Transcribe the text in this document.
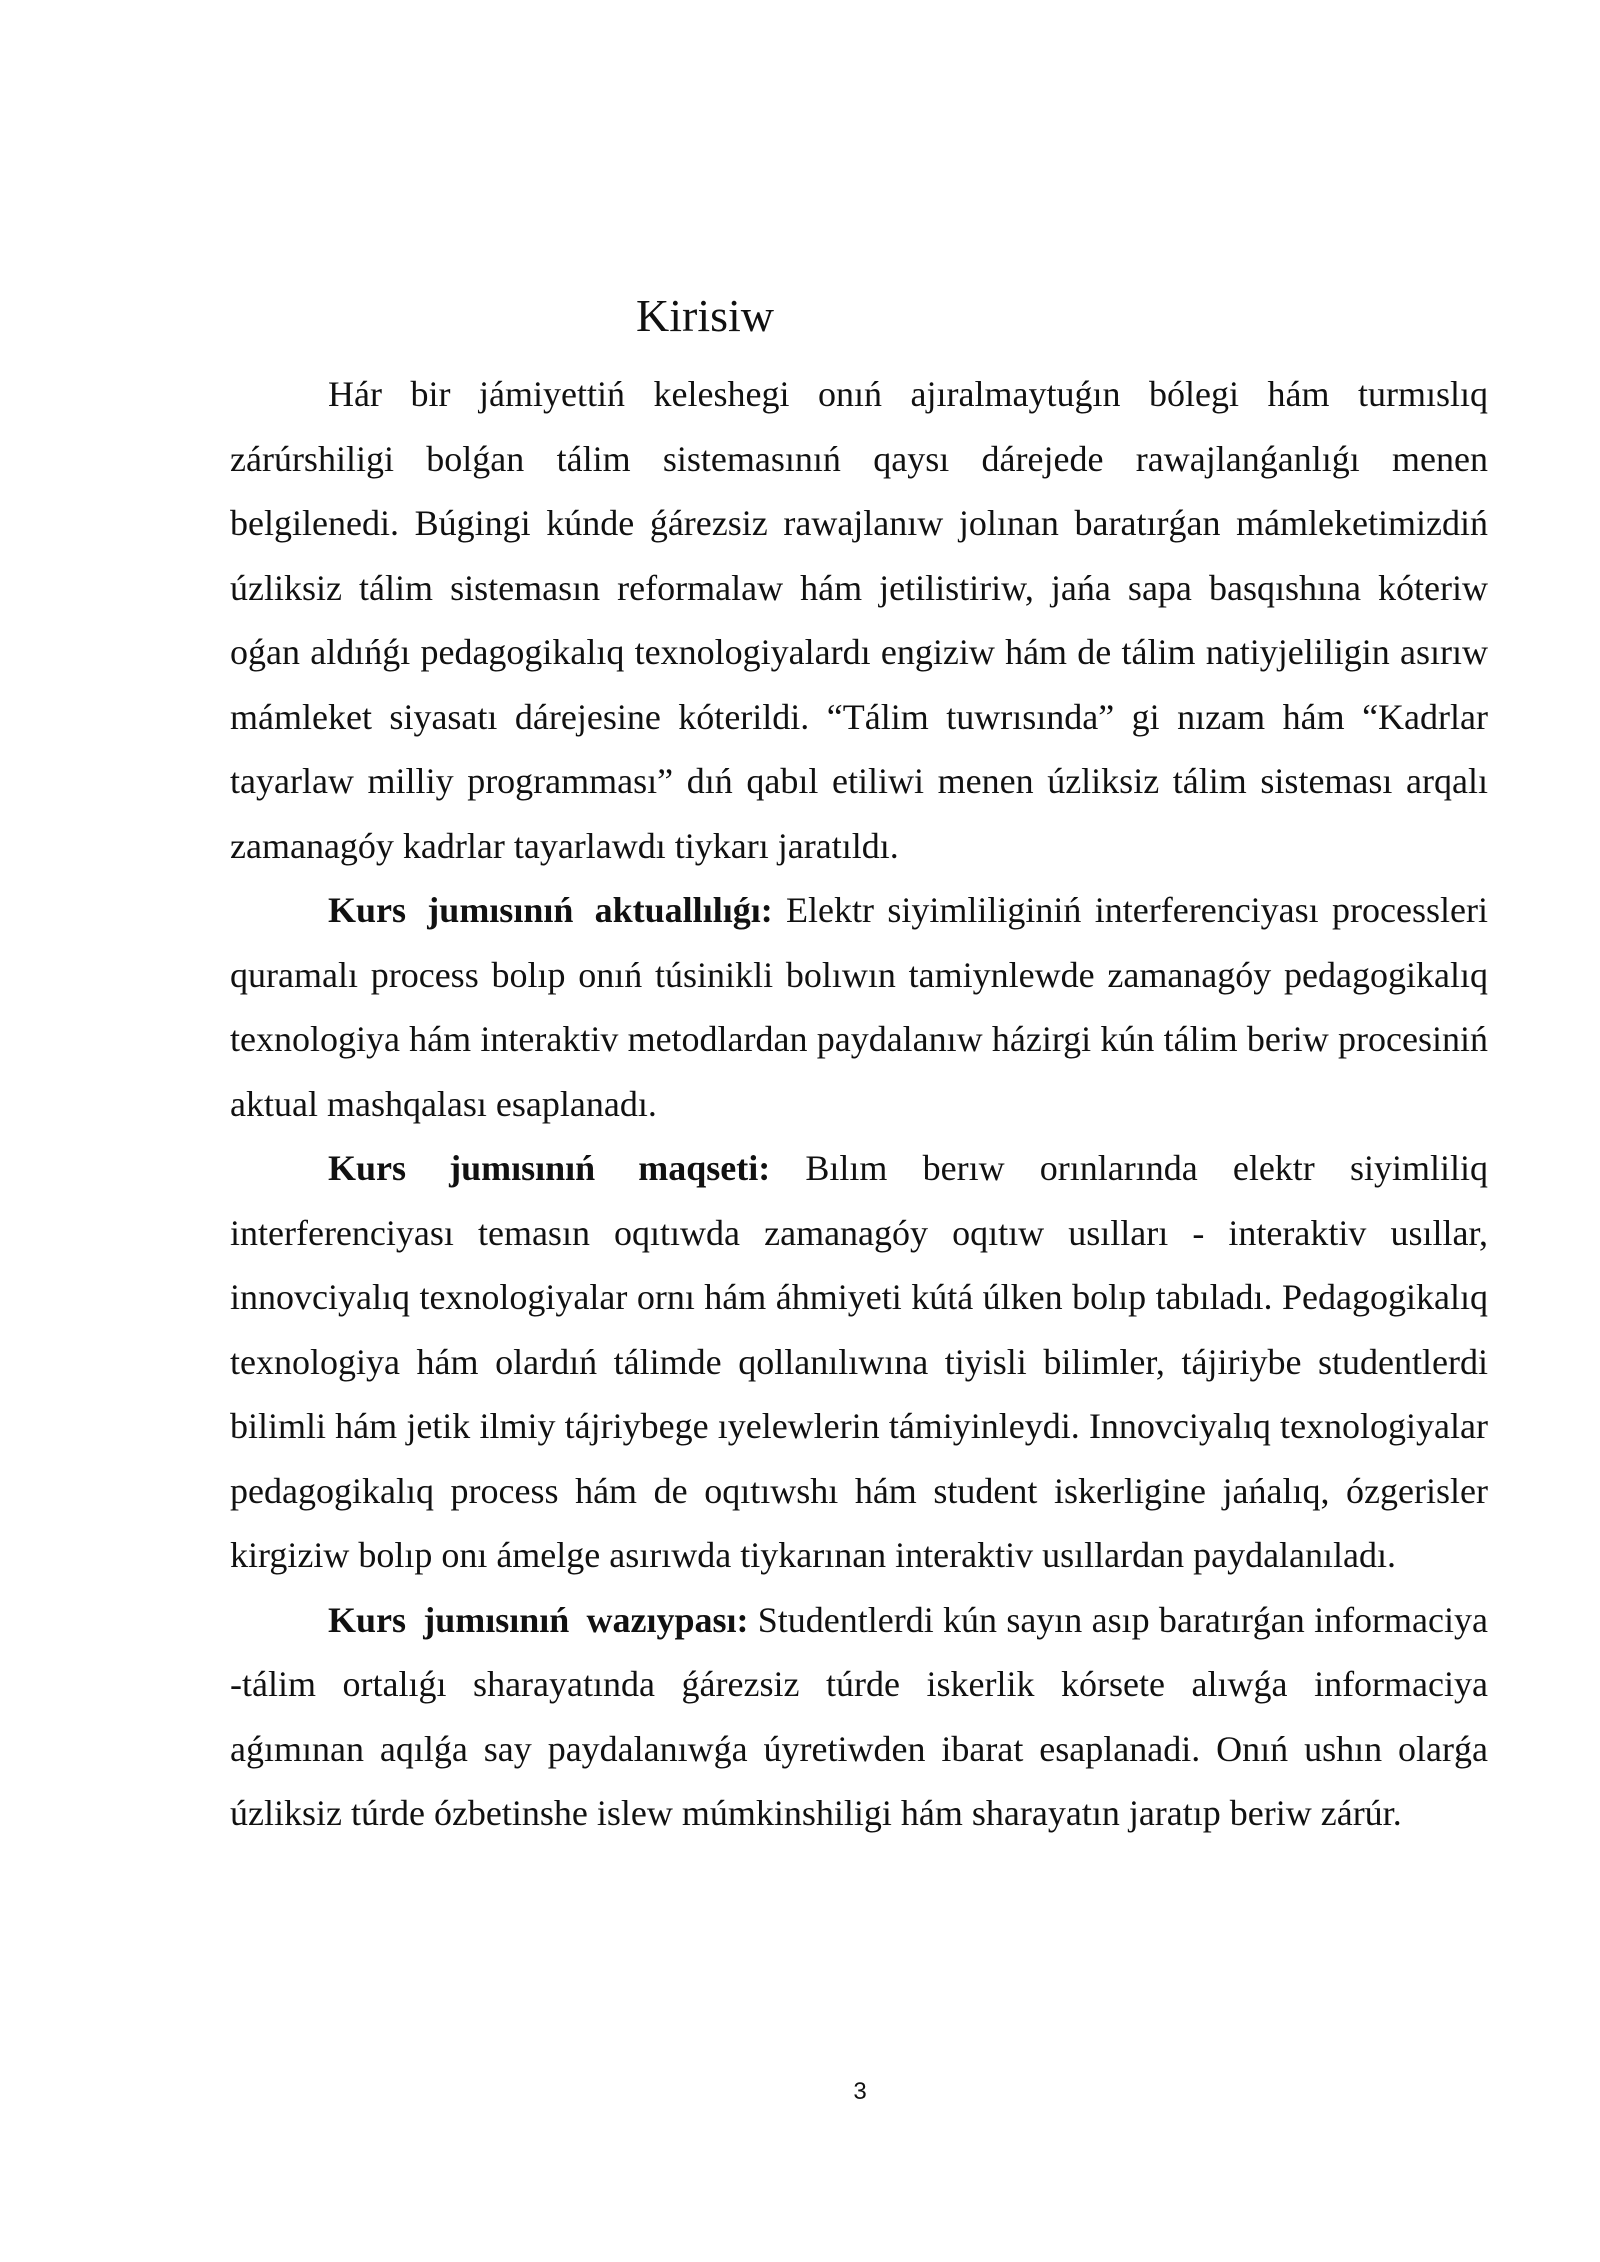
Kirisiw

Hár bir jámiyettiń keleshegi onıń ajıralmaytuǵın bólegi hám turmıslıq zárúrshiligi bolǵan tálim sistemasınıń qaysı dárejede rawajlanǵanlıǵı menen belgilenedi. Búgingi kúnde ǵárezsiz rawajlanıw jolınan baratırǵan mámleketimizdiń úzliksiz tálim sistemasın reformalaw hám jetilistiriw, jańa sapa basqıshına kóteriw oǵan aldıńǵı pedagogikalıq texnologiyalardı engiziw hám de tálim natiyjeliligin asırıw mámleket siyasatı dárejesine kóterildi. “Tálim tuwrısında” gi nızam hám “Kadrlar tayarlaw milliy programması” dıń qabıl etiliwi menen úzliksiz tálim sisteması arqalı zamanagóy kadrlar tayarlawdı tiykarı jaratıldı.

Kurs jumısınıń aktuallılıǵı: Elektr siyimliliginiń interferenciyası processleri quramalı process bolıp onıń túsinikli bolıwın tamiynlewde zamanagóy pedagogikalıq texnologiya hám interaktiv metodlardan paydalanıw házirgi kún tálim beriw procesiniń aktual mashqalası esaplanadı.

Kurs jumısınıń maqseti: Bılım berıw orınlarında elektr siyimliliq interferenciyası temasın oqıtıwda zamanagóy oqıtıw usılları - interaktiv usıllar, innovciyalıq texnologiyalar ornı hám áhmiyeti kútá úlken bolıp tabıladı. Pedagogikalıq texnologiya hám olardıń tálimde qollanılıwına tiyisli bilimler, tájiriybe studentlerdi bilimli hám jetik ilmiy tájriybege ıyelewlerin támiyinleydi. Innovciyalıq texnologiyalar pedagogikalıq process hám de oqıtıwshı hám student iskerligine jańalıq, ózgerisler kirgiziw bolıp onı ámelge asırıwda tiykarınan interaktiv usıllardan paydalanıladı.

Kurs jumısınıń wazıypası: Studentlerdi kún sayın asıp baratırǵan informaciya -tálim ortalıǵı sharayatında ǵárezsiz túrde iskerlik kórsete alıwǵa informaciya aǵımınan aqılǵa say paydalanıwǵa úyretiwden ibarat esaplanadi. Onıń ushın olarǵa úzliksiz túrde ózbetinshe islew múmkinshiligi hám sharayatın jaratıp beriw zárúr.

3
